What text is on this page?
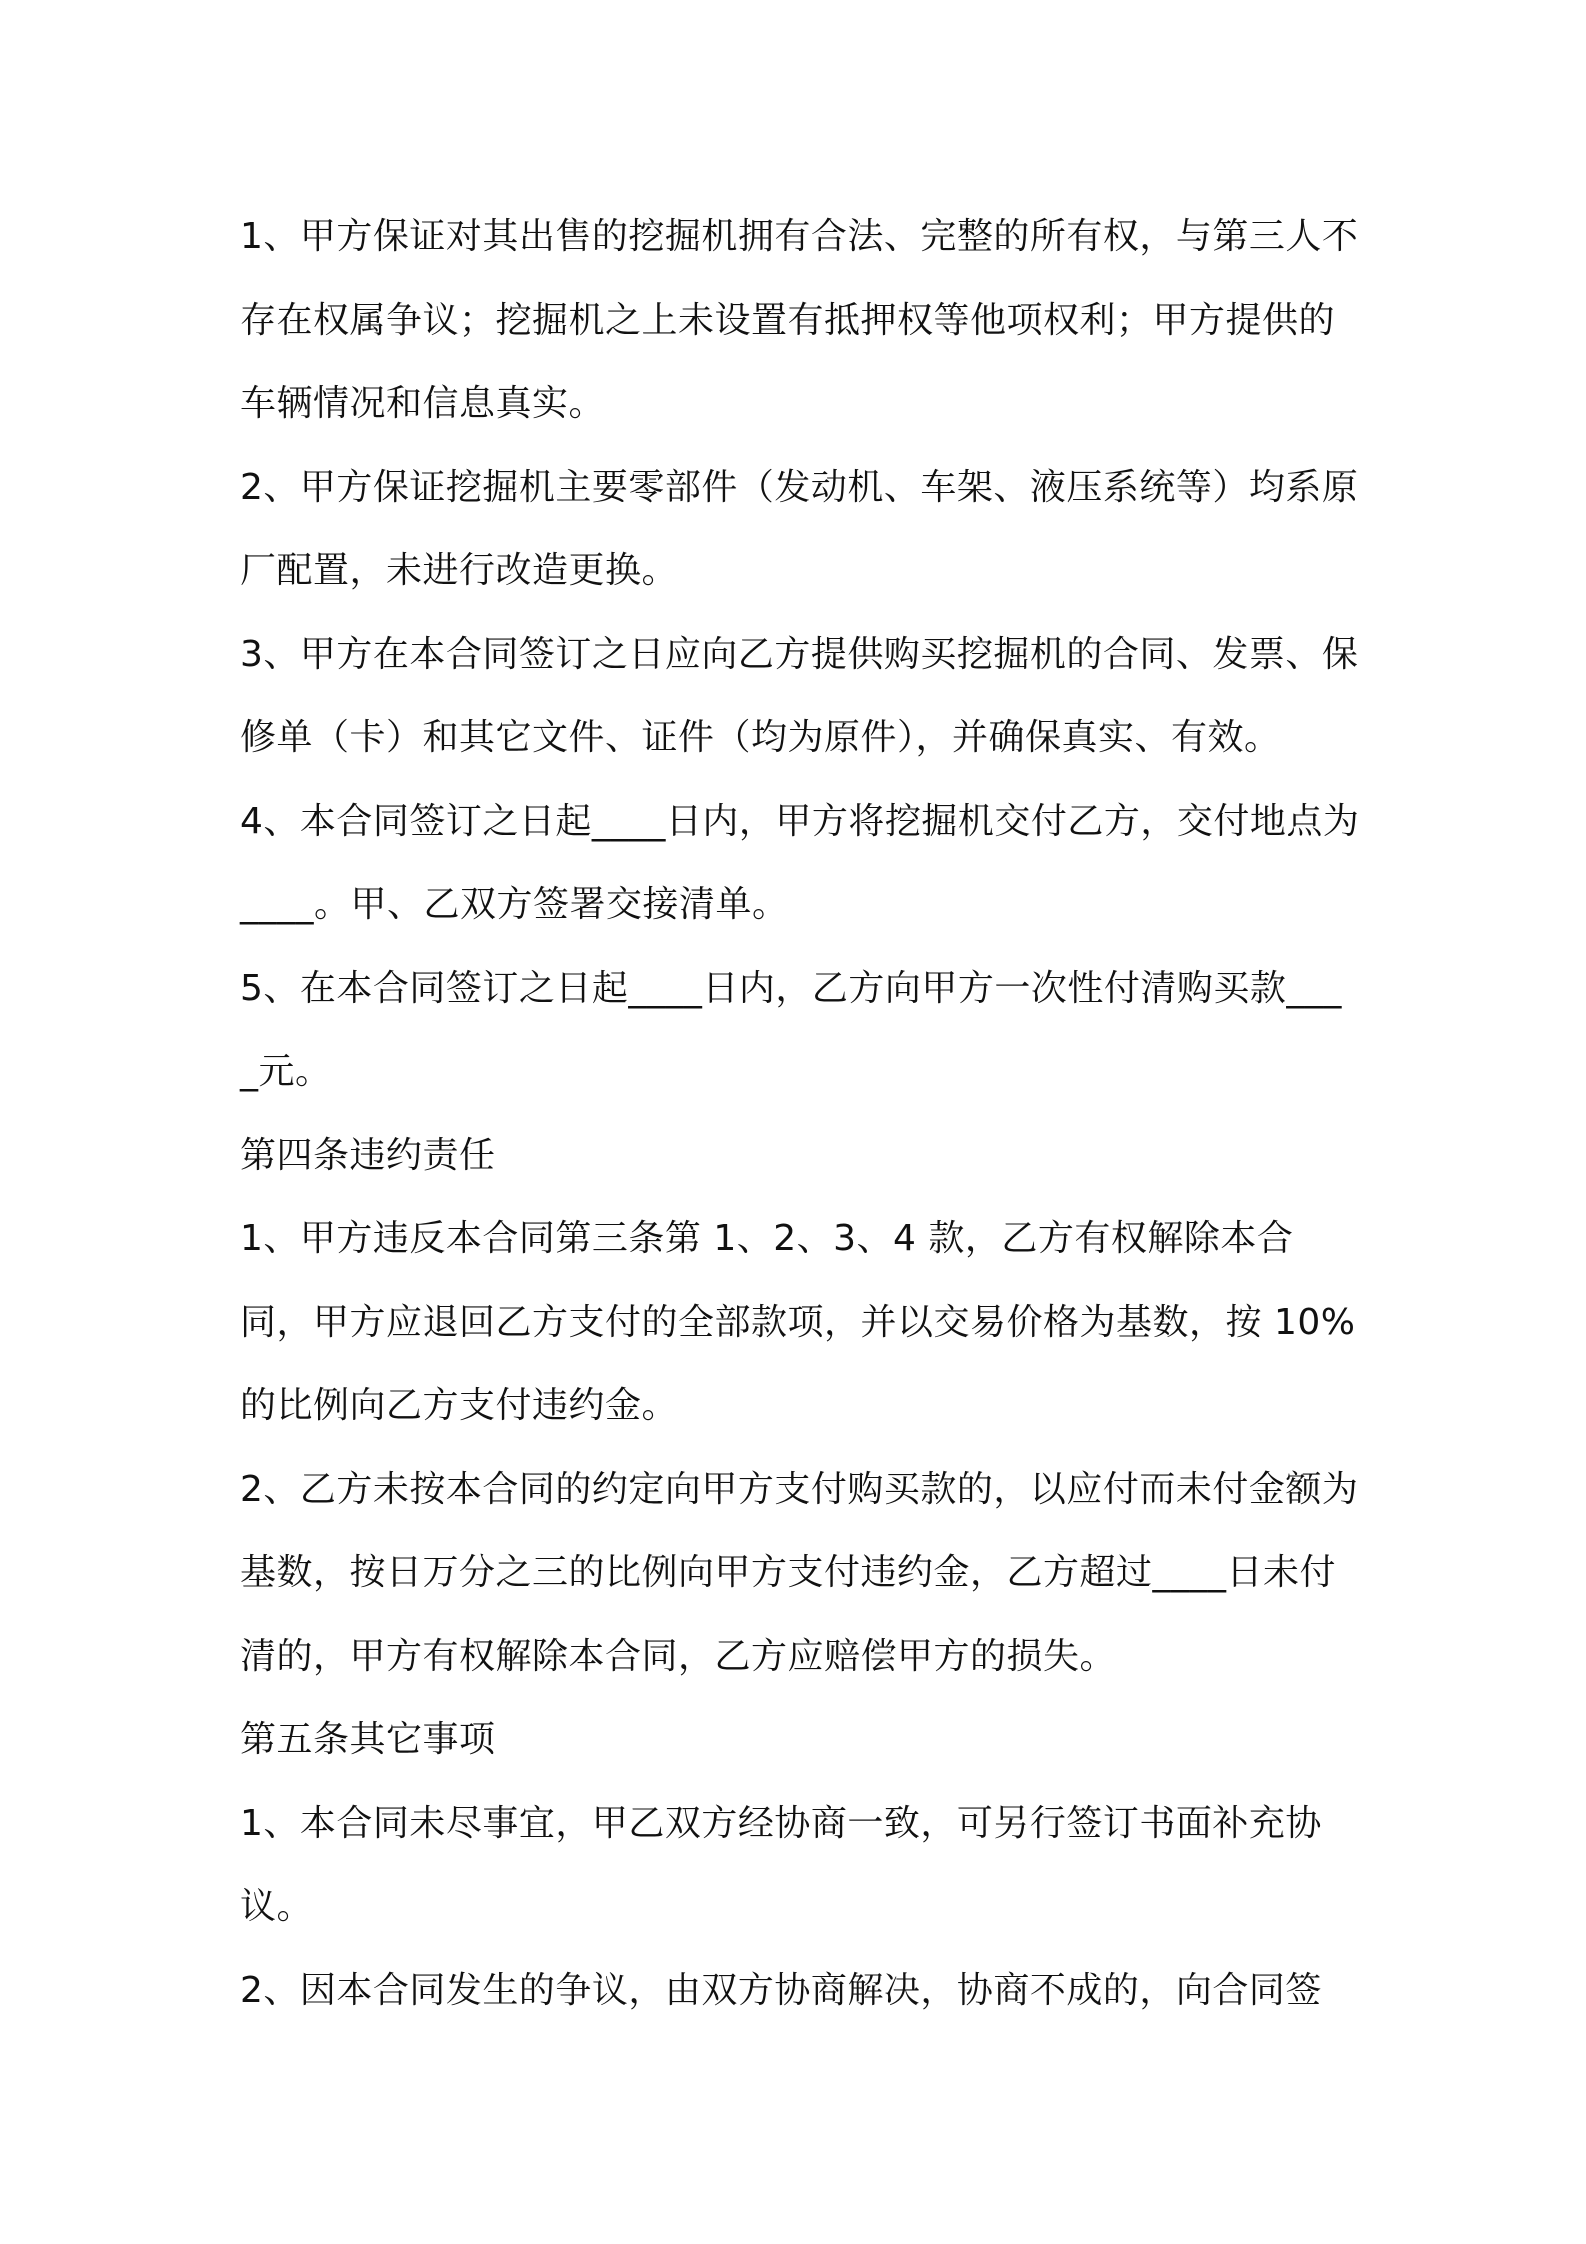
1、甲方保证对其出售的挖掘机拥有合法、完整的所有权，与第三人不存在权属争议；挖掘机之上未设置有抵押权等他项权利；甲方提供的车辆情况和信息真实。

2、甲方保证挖掘机主要零部件（发动机、车架、液压系统等）均系原厂配置，未进行改造更换。

3、甲方在本合同签订之日应向乙方提供购买挖掘机的合同、发票、保修单（卡）和其它文件、证件（均为原件），并确保真实、有效。

4、本合同签订之日起____日内，甲方将挖掘机交付乙方，交付地点为____。甲、乙双方签署交接清单。

5、在本合同签订之日起____日内，乙方向甲方一次性付清购买款____元。

第四条违约责任

1、甲方违反本合同第三条第 1、2、3、4 款，乙方有权解除本合同，甲方应退回乙方支付的全部款项，并以交易价格为基数，按 10%的比例向乙方支付违约金。

2、乙方未按本合同的约定向甲方支付购买款的，以应付而未付金额为基数，按日万分之三的比例向甲方支付违约金，乙方超过____日未付清的，甲方有权解除本合同，乙方应赔偿甲方的损失。

第五条其它事项

1、本合同未尽事宜，甲乙双方经协商一致，可另行签订书面补充协议。

2、因本合同发生的争议，由双方协商解决，协商不成的，向合同签
